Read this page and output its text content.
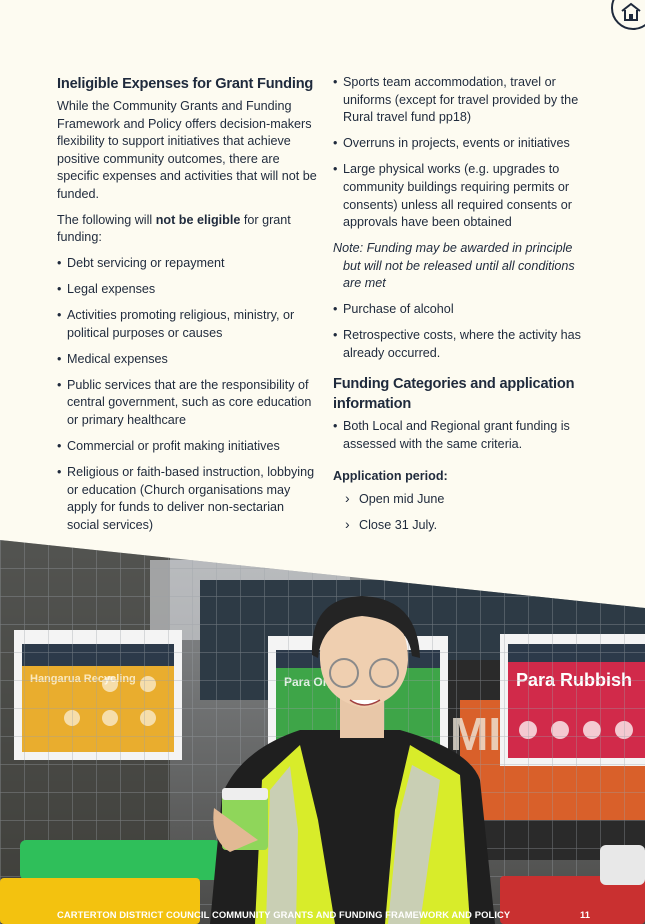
Ineligible Expenses for Grant Funding

While the Community Grants and Funding Framework and Policy offers decision-makers flexibility to support initiatives that achieve positive community outcomes, there are specific expenses and activities that will not be funded.

The following will not be eligible for grant funding:

• Debt servicing or repayment
• Legal expenses
• Activities promoting religious, ministry, or political purposes or causes
• Medical expenses
• Public services that are the responsibility of central government, such as core education or primary healthcare
• Commercial or profit making initiatives
• Religious or faith-based instruction, lobbying or education (Church organisations may apply for funds to deliver non-sectarian social services)
• Sports team accommodation, travel or uniforms (except for travel provided by the Rural travel fund pp18)
• Overruns in projects, events or initiatives
• Large physical works (e.g. upgrades to community buildings requiring permits or consents) unless all required consents or approvals have been obtained

Note: Funding may be awarded in principle but will not be released until all conditions are met

• Purchase of alcohol
• Retrospective costs, where the activity has already occurred.
Funding Categories and application information
• Both Local and Regional grant funding is assessed with the same criteria.
Application period:
› Open mid June
› Close 31 July.
CARTERTON DISTRICT COUNCIL COMMUNITY GRANTS AND FUNDING FRAMEWORK AND POLICY	11
